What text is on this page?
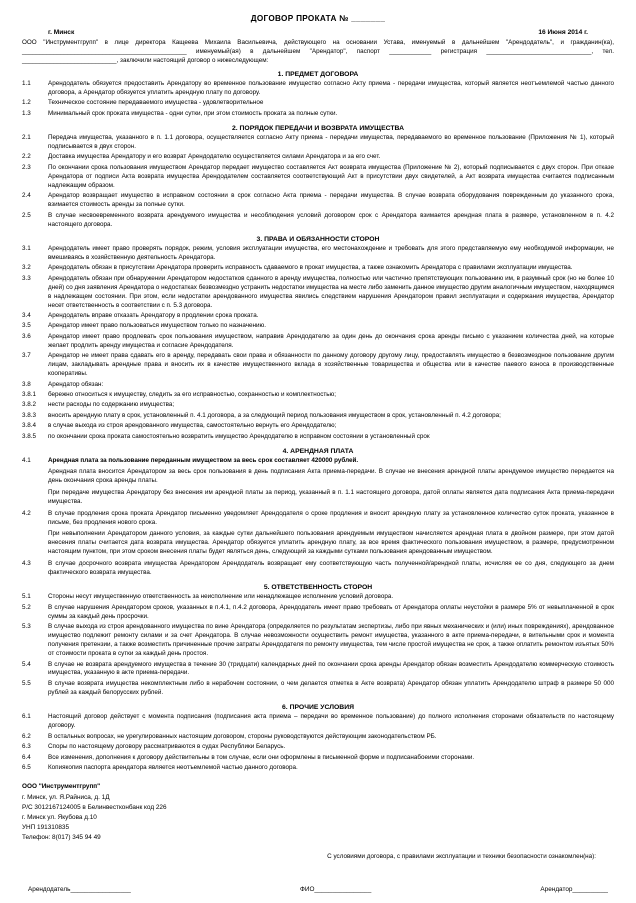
ДОГОВОР ПРОКАТА № _______
г. Минск	16 Июня 2014 г.

ООО "Инструментгрупп" в лице директора Кащеева Михаила Васильевича, действующего на основании Устава, именуемый в дальнейшем "Арендодатель", и гражданин(ка), _______________________________________________ именуемый(ая) в дальнейшем "Арендатор", паспорт ____________ регистрация ______________________________, тел. ___________________________, заключили настоящий договор о нижеследующем:

1. ПРЕДМЕТ ДОГОВОРА
1.1	Арендодатель обязуется предоставить Арендатору во временное пользование имущество согласно Акту приема - передачи имущества, который является неотъемлемой частью данного договора, а Арендатор обязуется уплатить арендную плату по договору.
1.2	Техническое состояние передаваемого имущества - удовлетворительное
1.3	Минимальный срок проката имущества - одни сутки, при этом стоимость проката за полные сутки.
2. ПОРЯДОК ПЕРЕДАЧИ И ВОЗВРАТА ИМУЩЕСТВА
2.1	Передача имущества, указанного в п. 1.1 договора, осуществляется согласно Акту приема - передачи имущества, передаваемого во временное пользование (Приложения № 1), который подписывается в двух сторон.
2.2	Доставка имущества Арендатору и его возврат Арендодателю осуществляется силами Арендатора и за его счет.
2.3	По окончании срока пользования имуществом Арендатор передает имущество составляется Акт возврата имущества (Приложение № 2), который подписывается с двух сторон. При отказе Арендатора от подписи Акта возврата имущества Арендодателем составляется соответствующий Акт в присутствии двух свидетелей, а Акт возврата имущества считается подписанным надлежащим образом.
2.4	Арендатор возвращает имущество в исправном состоянии в срок согласно Акта приема - передачи имущества. В случае возврата оборудования поврежденным до указанного срока, взимается стоимость аренды за полные сутки.
2.5	В случае несвоевременного возврата арендуемого имущества и несоблюдения условий договором срок с Арендатора взимается арендная плата в размере, установленном в п. 4.2 настоящего договора.
3. ПРАВА И ОБЯЗАННОСТИ СТОРОН
3.1	Арендодатель имеет право проверять порядок, режим, условия эксплуатации имущества, его местонахождение и требовать для этого представляемую ему необходимой информации, не вмешиваясь в хозяйственную деятельность Арендатора.
3.2	Арендодатель обязан в присутствии Арендатора проверить исправность сдаваемого в прокат имущества, а также ознакомить Арендатора с правилами эксплуатации имущества.
3.3	Арендодатель обязан при обнаружении Арендатором недостатков сданного в аренду имущества, полностью или частично препятствующих пользованию им, в разумный срок (но не более 10 дней) со дня заявления Арендатора о недостатках безвозмездно устранить недостатки имущества на месте либо заменить данное имущество другим аналогичным имуществом, находящимся в надлежащем состоянии. При этом, если недостатки арендованного имущества явились следствием нарушения Арендатором правил эксплуатации и содержания имущества, Арендатор несет ответственность в соответствии с п. 5.3 договора.
3.4	Арендодатель вправе отказать Арендатору в продлении срока проката.
3.5	Арендатор имеет право пользоваться имуществом только по назначению.
3.6	Арендатор имеет право продлевать срок пользования имуществом, направив Арендодателю за один день до окончания срока аренды письмо с указанием количества дней, на которые желает продлить аренду имущества и согласие Арендодателя.
3.7	Арендатор не имеет права сдавать его в аренду, передавать свои права и обязанности по данному договору другому лицу, предоставлять имущество в безвозмездное пользование другим лицам, закладывать арендные права и вносить их в качестве имущественного вклада в хозяйственные товарищества и общества или в качестве паевого взноса в производственные кооперативы.
3.8	Арендатор обязан:
3.8.1	бережно относиться к имуществу, следить за его исправностью, сохранностью и комплектностью;
3.8.2	нести расходы по содержанию имущества;
3.8.3	вносить арендную плату в срок, установленный п. 4.1 договора, а за следующий период пользования имуществом в срок, установленный п. 4.2 договора;
3.8.4	в случае выхода из строя арендованного имущества, самостоятельно вернуть его Арендодателю;
3.8.5	по окончании срока проката самостоятельно возвратить имущество Арендодателю в исправном состоянии в установленный срок
4. АРЕНДНАЯ ПЛАТА
4.1	Арендная плата за пользование переданным имуществом за весь срок составляет 420000 рублей.

Арендная плата вносится Арендатором за весь срок пользования в день подписания Акта приема-передачи. В случае не внесения арендной платы арендуемое имущество передается на день окончания срока аренды платы.	

При передаче имущества Арендатору без внесения им арендной платы за период, указанный в п. 1.1 настоящего договора, датой оплаты является дата подписания Акта приема-передачи имущества.	

4.2	В случае продления срока проката Арендатор письменно уведомляет Арендодателя о сроке продления и вносит арендную плату за установленное количество суток проката, указанное в письме, без продления нового срока.

При невыполнении Арендатором данного условия, за каждые сутки дальнейшего пользования арендуемым имуществом начисляется арендная плата в двойном размере, при этом датой внесения платы считается дата возврата имущества. Арендатор обязуется уплатить арендную плату, за все время фактического пользования имуществом, в размере, предусмотренном настоящим пунктом, при этом сроком внесения платы будет являться день, следующий за каждыми сутками пользования арендованным имуществом.	

4.3	В случае досрочного возврата имущества Арендатором Арендодатель возвращает ему соответствующую часть полученной/арендной платы, исчисляя ее со дня, следующего за днем фактического возврата имущества.
5. ОТВЕТСТВЕННОСТЬ СТОРОН
5.1	Стороны несут имущественную ответственность за неисполнение или ненадлежащее исполнение условий договора.
5.2	В случае нарушения Арендатором сроков, указанных в п.4.1, п.4.2 договора, Арендодатель имеет право требовать от Арендатора оплаты неустойки в размере 5% от невыплаченной в срок суммы за каждый день просрочки.
5.3	В случае выхода из строя арендованного имущества по вине Арендатора (определяется по результатам экспертизы, либо при явных механических и (или) иных повреждениях), арендованное имущество подлежит ремонту силами и за счет Арендатора. В случае невозможности осуществить ремонт имущества, указанного в акте приема-передачи, в вительными срок и момента получения претензии, а также возместить причиненные прочие затраты Арендодателя по ремонту имущества, тем числе простой имущества не срок, а также оплатить ремонтом изъятых 50% от стоимости проката в сутки за каждый день простоя.
5.4	В случае не возврата арендуемого имущества в течение 30 (тридцати) календарных дней по окончании срока аренды Арендатор обязан возместить Арендодателю коммерческую стоимость имущества, указанную в акте приема-передачи.
5.5	В случае возврата имущества некомплектным либо в нерабочем состоянии, о чем делается отметка в Акте возврата) Арендатор обязан уплатить Арендодателю штраф в размере 50 000 рублей за каждый белорусских рублей.
6. ПРОЧИЕ УСЛОВИЯ
6.1	Настоящий договор действует с момента подписания (подписания акта приема – передачи во временное пользование) до полного исполнения сторонами обязательств по настоящему договору.
6.2	В остальных вопросах, не урегулированных настоящим договором, стороны руководствуются действующим законодательством РБ.
6.3	Споры по настоящему договору рассматриваются в судах Республики Беларусь.
6.4	Все изменения, дополнения к договору действительны в том случае, если они оформлены в письменной форме и подписанабоеими сторонами.
6.5	Копиякопия паспорта арендатора является неотъемлемой частью данного договора.
ООО "Инструментгрупп"
г. Минск, ул. Я.Райниса, д. 1Д
Р/С 3012167124005 в Белинвестконбанк код 226
г. Минск ул. Якубова д.10
УНП 191310835
Телефон: 8(017) 345 94 49
С условиями договора, с правилами эксплуатации и техники безопасности ознакомлен(на):
Арендодатель_________________	ФИО________________	Арендатор__________
